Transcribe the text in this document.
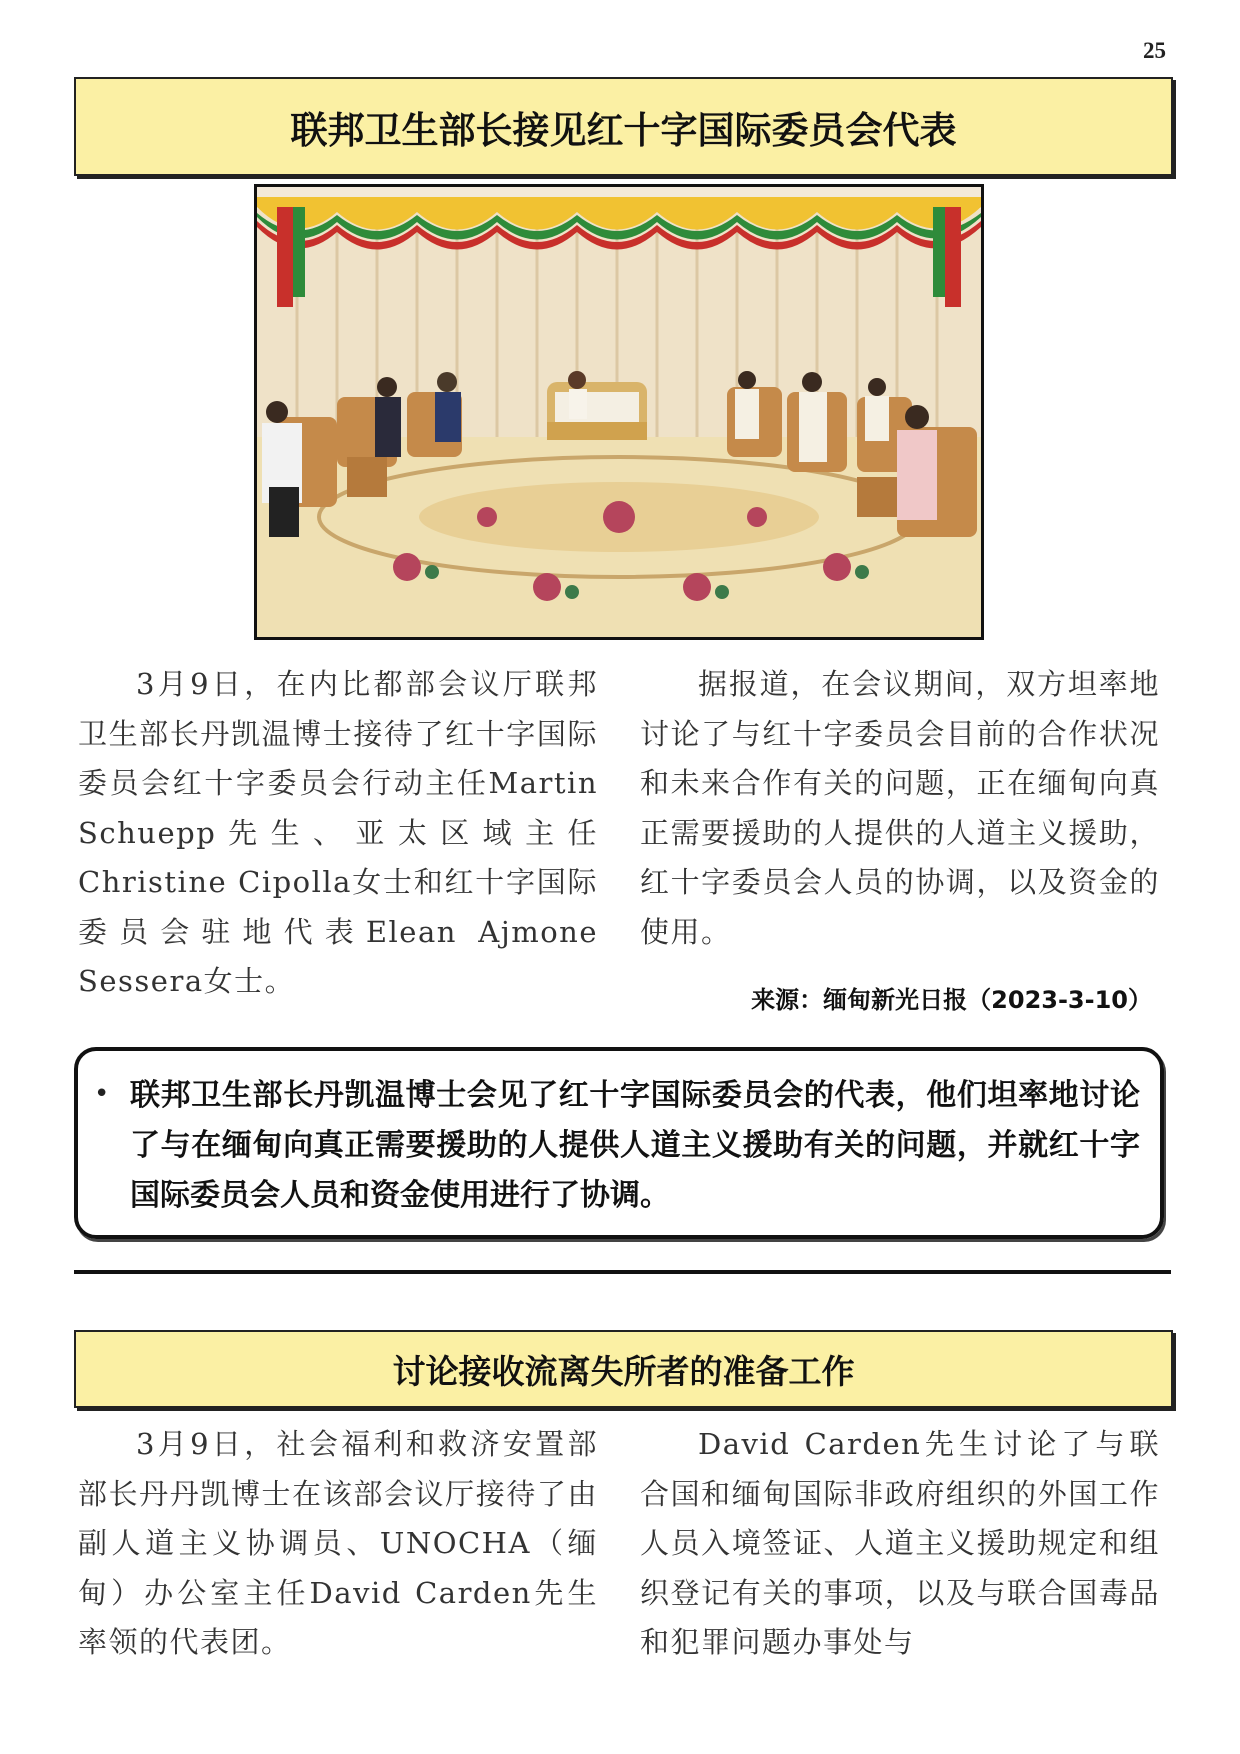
25
联邦卫生部长接见红十字国际委员会代表

3月9日，在内比都部会议厅联邦卫生部长丹凯温博士接待了红十字国际委员会红十字委员会行动主任Martin Schuepp先生、亚太区域主任Christine Cipolla女士和红十字国际委员会驻地代表Elean Ajmone Sessera女士。

据报道，在会议期间，双方坦率地讨论了与红十字委员会目前的合作状况和未来合作有关的问题，正在缅甸向真正需要援助的人提供的人道主义援助，红十字委员会人员的协调，以及资金的使用。

来源：缅甸新光日报（2023-3-10）
• 联邦卫生部长丹凯温博士会见了红十字国际委员会的代表，他们坦率地讨论了与在缅甸向真正需要援助的人提供人道主义援助有关的问题，并就红十字国际委员会人员和资金使用进行了协调。
讨论接收流离失所者的准备工作

3月9日，社会福利和救济安置部部长丹丹凯博士在该部会议厅接待了由副人道主义协调员、UNOCHA（缅甸）办公室主任David Carden先生率领的代表团。

David Carden先生讨论了与联合国和缅甸国际非政府组织的外国工作人员入境签证、人道主义援助规定和组织登记有关的事项，以及与联合国毒品和犯罪问题办事处与
